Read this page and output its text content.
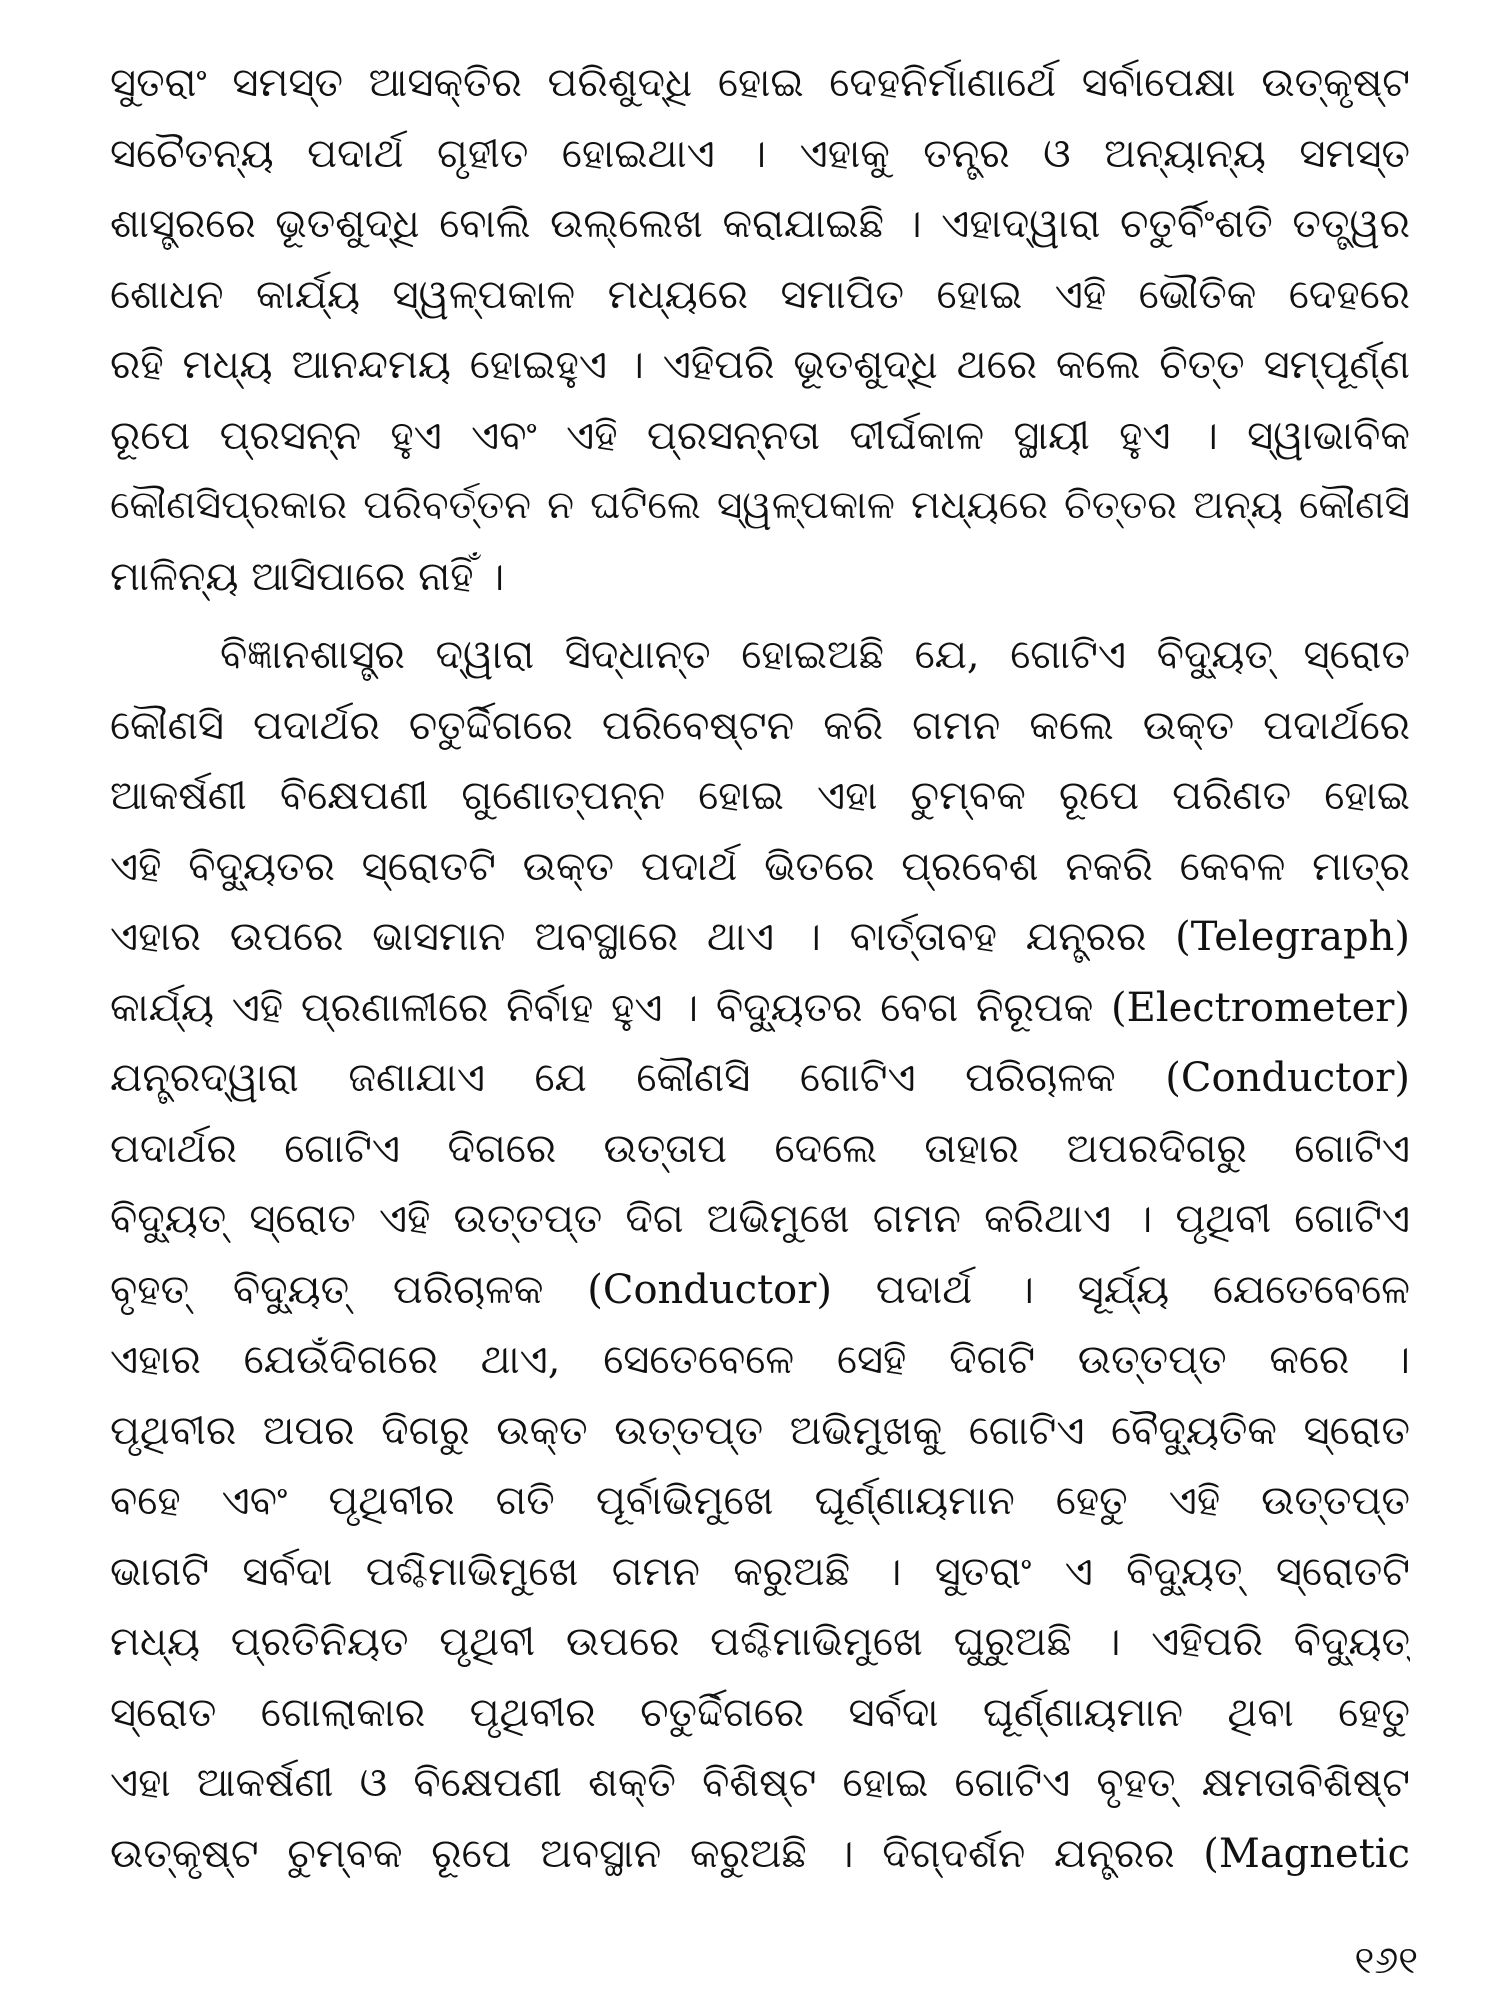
ସୁତରାଂ ସମସ୍ତ ଆସକ୍ତିର ପରିଶୁଦ୍ଧି ହୋଇ ଦେହନିର୍ମାଣାର୍ଥେ ସର୍ବାପେକ୍ଷା ଉତ୍କୃଷ୍ଟ
ସଚୈତନ୍ୟ ପଦାର୍ଥ ଗୃହୀତ ହୋଇଥାଏ । ଏହାକୁ ତନ୍ତ୍ର ଓ ଅନ୍ୟାନ୍ୟ ସମସ୍ତ
ଶାସ୍ତ୍ରରେ ଭୂତଶୁଦ୍ଧି ବୋଲି ଉଲ୍ଲେଖ କରାଯାଇଛି । ଏହାଦ୍ୱାରା ଚତୁର୍ବିଂଶତି ତତ୍ତ୍ୱର
ଶୋଧନ କାର୍ଯ୍ୟ ସ୍ୱଳ୍ପକାଳ ମଧ୍ୟରେ ସମାପିତ ହୋଇ ଏହି ଭୌତିକ ଦେହରେ
ରହି ମଧ୍ୟ ଆନନ୍ଦମୟ ହୋଇହୁଏ । ଏହିପରି ଭୂତଶୁଦ୍ଧି ଥରେ କଲେ ଚିତ୍ତ ସମ୍ପୂର୍ଣ୍ଣ
ରୂପେ ପ୍ରସନ୍ନ ହୁଏ ଏବଂ ଏହି ପ୍ରସନ୍ନତା ଦୀର୍ଘକାଳ ସ୍ଥାୟୀ ହୁଏ । ସ୍ୱାଭାବିକ
କୌଣସିପ୍ରକାର ପରିବର୍ତ୍ତନ ନ ଘଟିଲେ ସ୍ୱଳ୍ପକାଳ ମଧ୍ୟରେ ଚିତ୍ତର ଅନ୍ୟ କୌଣସି
ମାଳିନ୍ୟ ଆସିପାରେ ନାହିଁ ।

ବିଜ୍ଞାନଶାସ୍ତ୍ର ଦ୍ୱାରା ସିଦ୍ଧାନ୍ତ ହୋଇଅଛି ଯେ, ଗୋଟିଏ ବିଦ୍ୟୁତ୍ ସ୍ରୋତ
କୌଣସି ପଦାର୍ଥର ଚତୁର୍ଦ୍ଦିଗରେ ପରିବେଷ୍ଟନ କରି ଗମନ କଲେ ଉକ୍ତ ପଦାର୍ଥରେ
ଆକର୍ଷଣୀ ବିକ୍ଷେପଣୀ ଗୁଣୋତ୍ପନ୍ନ ହୋଇ ଏହା ଚୁମ୍ବକ ରୂପେ ପରିଣତ ହୋଇ
ଏହି ବିଦ୍ୟୁତର ସ୍ରୋତଟି ଉକ୍ତ ପଦାର୍ଥ ଭିତରେ ପ୍ରବେଶ ନକରି କେବଳ ମାତ୍ର
ଏହାର ଉପରେ ଭାସମାନ ଅବସ୍ଥାରେ ଥାଏ । ବାର୍ତ୍ତାବହ ଯନ୍ତ୍ରର (Telegraph)
କାର୍ଯ୍ୟ ଏହି ପ୍ରଣାଳୀରେ ନିର୍ବାହ ହୁଏ । ବିଦ୍ୟୁତର ବେଗ ନିରୂପକ (Electrometer)
ଯନ୍ତ୍ରଦ୍ୱାରା ଜଣାଯାଏ ଯେ କୌଣସି ଗୋଟିଏ ପରିଚାଳକ (Conductor)
ପଦାର୍ଥର ଗୋଟିଏ ଦିଗରେ ଉତ୍ତାପ ଦେଲେ ତାହାର ଅପରଦିଗରୁ ଗୋଟିଏ
ବିଦ୍ୟୁତ୍ ସ୍ରୋତ ଏହି ଉତ୍ତପ୍ତ ଦିଗ ଅଭିମୁଖେ ଗମନ କରିଥାଏ । ପୃଥିବୀ ଗୋଟିଏ
ବୃହତ୍ ବିଦ୍ୟୁତ୍ ପରିଚାଳକ (Conductor) ପଦାର୍ଥ । ସୂର୍ଯ୍ୟ ଯେତେବେଳେ
ଏହାର ଯେଉଁଦିଗରେ ଥାଏ, ସେତେବେଳେ ସେହି ଦିଗଟି ଉତ୍ତପ୍ତ କରେ ।
ପୃଥିବୀର ଅପର ଦିଗରୁ ଉକ୍ତ ଉତ୍ତପ୍ତ ଅଭିମୁଖକୁ ଗୋଟିଏ ବୈଦ୍ୟୁତିକ ସ୍ରୋତ
ବହେ ଏବଂ ପୃଥିବୀର ଗତି ପୂର୍ବାଭିମୁଖେ ଘୂର୍ଣ୍ଣାୟମାନ ହେତୁ ଏହି ଉତ୍ତପ୍ତ
ଭାଗଟି ସର୍ବଦା ପଶ୍ଚିମାଭିମୁଖେ ଗମନ କରୁଅଛି । ସୁତରାଂ ଏ ବିଦ୍ୟୁତ୍ ସ୍ରୋତଟି
ମଧ୍ୟ ପ୍ରତିନିୟତ ପୃଥିବୀ ଉପରେ ପଶ୍ଚିମାଭିମୁଖେ ଘୁରୁଅଛି । ଏହିପରି ବିଦ୍ୟୁତ୍
ସ୍ରୋତ ଗୋଲାକାର ପୃଥିବୀର ଚତୁର୍ଦ୍ଦିଗରେ ସର୍ବଦା ଘୂର୍ଣ୍ଣାୟମାନ ଥିବା ହେତୁ
ଏହା ଆକର୍ଷଣୀ ଓ ବିକ୍ଷେପଣୀ ଶକ୍ତି ବିଶିଷ୍ଟ ହୋଇ ଗୋଟିଏ ବୃହତ୍ କ୍ଷମତାବିଶିଷ୍ଟ
ଉତ୍କୃଷ୍ଟ ଚୁମ୍ବକ ରୂପେ ଅବସ୍ଥାନ କରୁଅଛି । ଦିଗ୍‌ଦର୍ଶନ ଯନ୍ତ୍ରର (Magnetic

୧୬୧
